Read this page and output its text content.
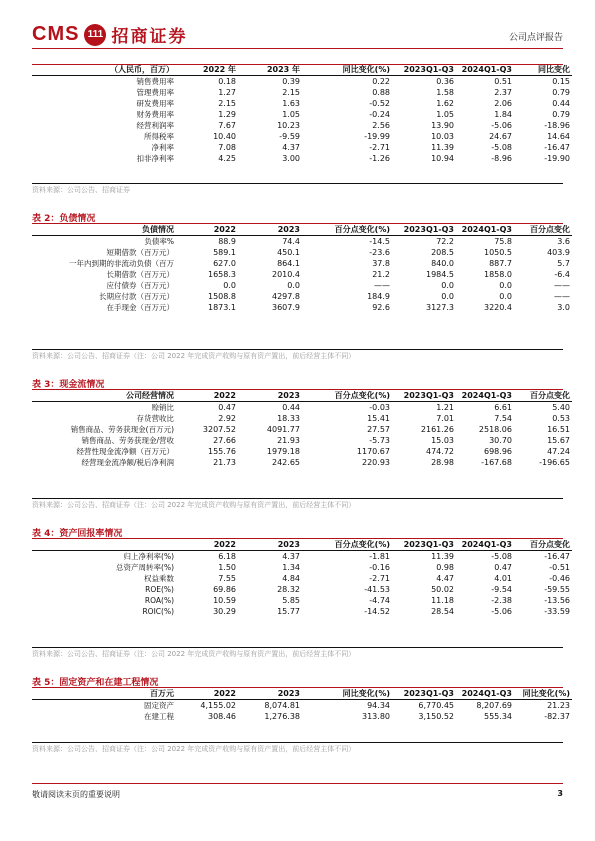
CMS 111 招商证券	公司点评报告
（人民币，百万）	2022 年	2023 年	同比变化(%)	2023Q1-Q3	2024Q1-Q3	同比变化
销售费用率	0.18	0.39	0.22	0.36	0.51	0.15
管理费用率	1.27	2.15	0.88	1.58	2.37	0.79
研发费用率	2.15	1.63	-0.52	1.62	2.06	0.44
财务费用率	1.29	1.05	-0.24	1.05	1.84	0.79
经营利润率	7.67	10.23	2.56	13.90	-5.06	-18.96
所得税率	10.40	-9.59	-19.99	10.03	24.67	14.64
净利率	7.08	4.37	-2.71	11.39	-5.08	-16.47
扣非净利率	4.25	3.00	-1.26	10.94	-8.96	-19.90
资料来源：公司公告、招商证券
表 2：负债情况
负债情况	2022	2023	百分点变化(%)	2023Q1-Q3	2024Q1-Q3	百分点变化
负债率%	88.9	74.4	-14.5	72.2	75.8	3.6
短期借款（百万元）	589.1	450.1	-23.6	208.5	1050.5	403.9
一年内到期的非流动负债（百万	627.0	864.1	37.8	840.0	887.7	5.7
长期借款（百万元）	1658.3	2010.4	21.2	1984.5	1858.0	-6.4
应付债券（百万元）	0.0	0.0	——	0.0	0.0	——
长期应付款（百万元）	1508.8	4297.8	184.9	0.0	0.0	——
在手现金（百万元）	1873.1	3607.9	92.6	3127.3	3220.4	3.0
资料来源：公司公告、招商证券（注：公司 2022 年完成资产收购与原有资产置出，前后经营主体不同）
表 3：现金流情况
公司经营情况	2022	2023	百分点变化(%)	2023Q1-Q3	2024Q1-Q3	百分点变化
赊销比	0.47	0.44	-0.03	1.21	6.61	5.40
存货营收比	2.92	18.33	15.41	7.01	7.54	0.53
销售商品、劳务获现金(百万元)	3207.52	4091.77	27.57	2161.26	2518.06	16.51
销售商品、劳务获现金/营收	27.66	21.93	-5.73	15.03	30.70	15.67
经营性现金流净额（百万元）	155.76	1979.18	1170.67	474.72	698.96	47.24
经营现金流净额/税后净利润	21.73	242.65	220.93	28.98	-167.68	-196.65
资料来源：公司公告、招商证券（注：公司 2022 年完成资产收购与原有资产置出，前后经营主体不同）
表 4：资产回报率情况
	2022	2023	百分点变化(%)	2023Q1-Q3	2024Q1-Q3	百分点变化
归上净利率(%)	6.18	4.37	-1.81	11.39	-5.08	-16.47
总资产周转率(%)	1.50	1.34	-0.16	0.98	0.47	-0.51
权益乘数	7.55	4.84	-2.71	4.47	4.01	-0.46
ROE(%)	69.86	28.32	-41.53	50.02	-9.54	-59.55
ROA(%)	10.59	5.85	-4.74	11.18	-2.38	-13.56
ROIC(%)	30.29	15.77	-14.52	28.54	-5.06	-33.59
资料来源：公司公告、招商证券（注：公司 2022 年完成资产收购与原有资产置出，前后经营主体不同）
表 5：固定资产和在建工程情况
百万元	2022	2023	同比变化(%)	2023Q1-Q3	2024Q1-Q3	同比变化(%)
固定资产	4,155.02	8,074.81	94.34	6,770.45	8,207.69	21.23
在建工程	308.46	1,276.38	313.80	3,150.52	555.34	-82.37
资料来源：公司公告、招商证券（注：公司 2022 年完成资产收购与原有资产置出，前后经营主体不同）
敬请阅读末页的重要说明	3
